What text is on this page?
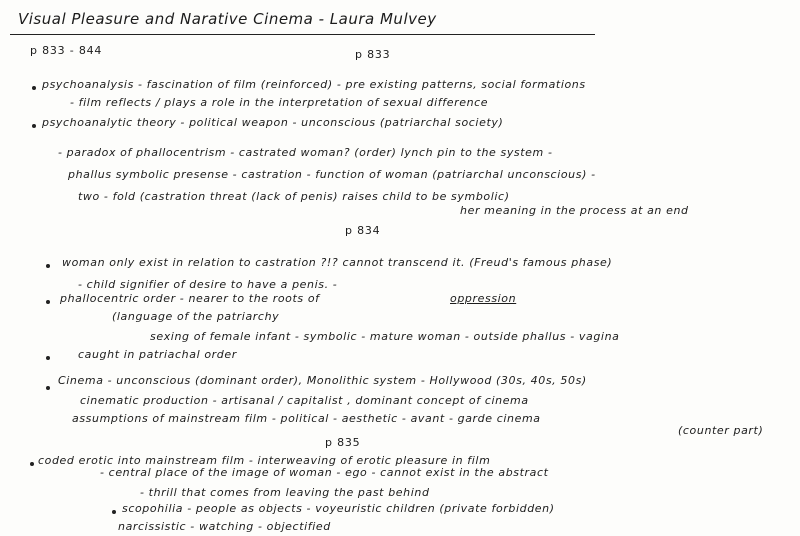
Visual Pleasure and Narative Cinema - Laura Mulvey
p 833 - 844	p 833
psychoanalysis - fascination of film (reinforced) - pre existing patterns, social formations
- film reflects / plays a role in the interpretation of sexual difference
psychoanalytic theory - political weapon - unconscious (patriarchal society)
- paradox of phallocentrism - castrated woman? (order) lynch pin to the system -
phallus symbolic presense - castration - function of woman (patriarchal unconscious) -
two - fold (castration threat (lack of penis) raises child to be symbolic)
her meaning in the process at an end
p 834
woman only exist in relation to castration ?!? cannot transcend it. (Freud's famous phase)
- child signifier of desire to have a penis. -
phallocentric order - nearer to the roots of	oppression
(language of the patriarchy
sexing of female infant - symbolic - mature woman - outside phallus - vagina
caught in patriachal order
Cinema - unconscious (dominant order), Monolithic system - Hollywood (30s, 40s, 50s)
cinematic production - artisanal / capitalist , dominant concept of cinema
assumptions of mainstream film - political - aesthetic - avant - garde cinema
(counter part)
p 835
coded erotic into mainstream film - interweaving of erotic pleasure in film
- central place of the image of woman - ego - cannot exist in the abstract
- thrill that comes from leaving the past behind
scopohilia - people as objects - voyeuristic children (private forbidden)
narcissistic - watching - objectified
